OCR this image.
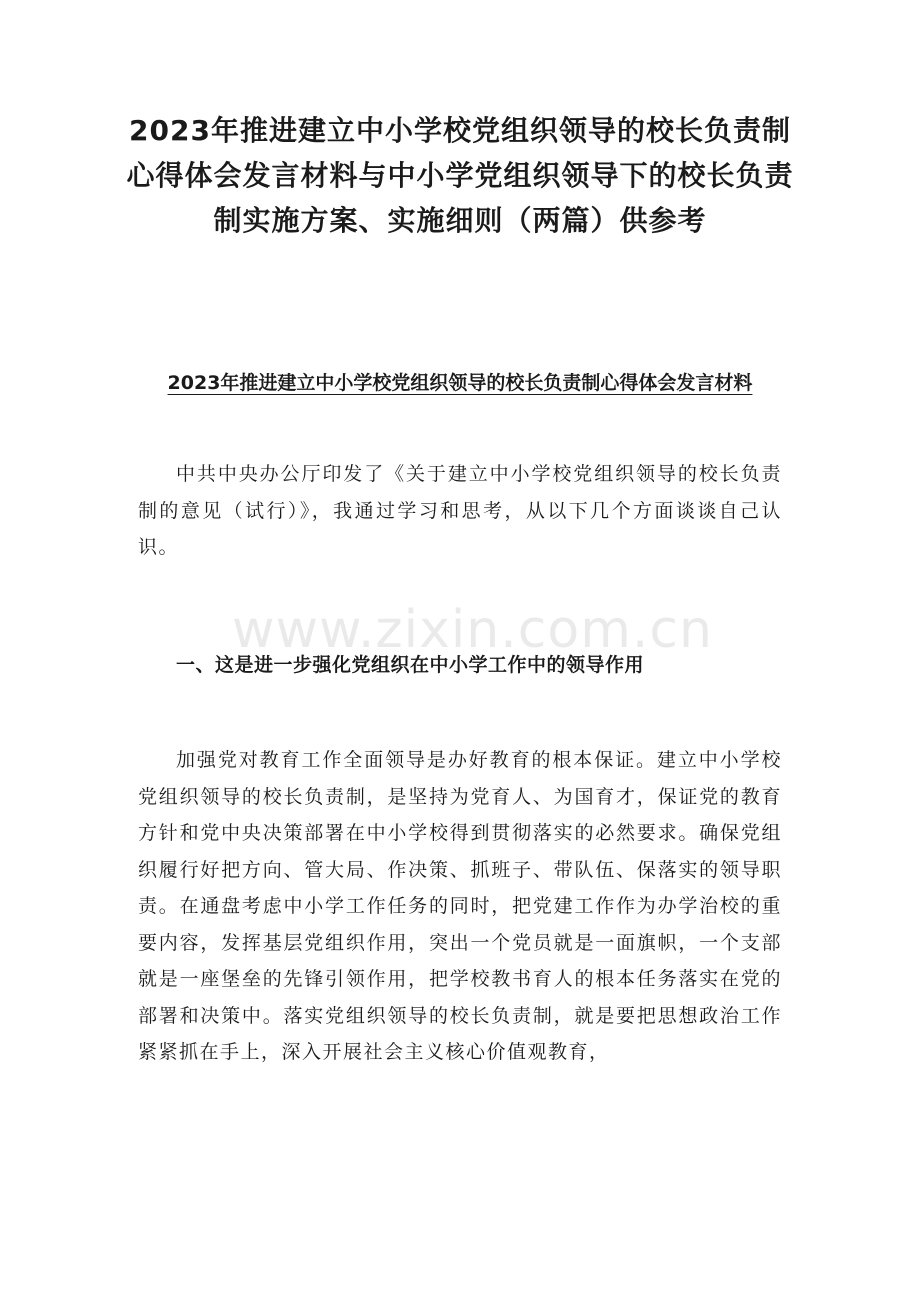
2023年推进建立中小学校党组织领导的校长负责制心得体会发言材料与中小学党组织领导下的校长负责制实施方案、实施细则（两篇）供参考
2023年推进建立中小学校党组织领导的校长负责制心得体会发言材料

中共中央办公厅印发了《关于建立中小学校党组织领导的校长负责制的意见（试行）》，我通过学习和思考，从以下几个方面谈谈自己认识。

www.zixin.com.cn
一、这是进一步强化党组织在中小学工作中的领导作用

加强党对教育工作全面领导是办好教育的根本保证。建立中小学校党组织领导的校长负责制，是坚持为党育人、为国育才，保证党的教育方针和党中央决策部署在中小学校得到贯彻落实的必然要求。确保党组织履行好把方向、管大局、作决策、抓班子、带队伍、保落实的领导职责。在通盘考虑中小学工作任务的同时，把党建工作作为办学治校的重要内容，发挥基层党组织作用，突出一个党员就是一面旗帜，一个支部就是一座堡垒的先锋引领作用，把学校教书育人的根本任务落实在党的部署和决策中。落实党组织领导的校长负责制，就是要把思想政治工作紧紧抓在手上，深入开展社会主义核心价值观教育，
